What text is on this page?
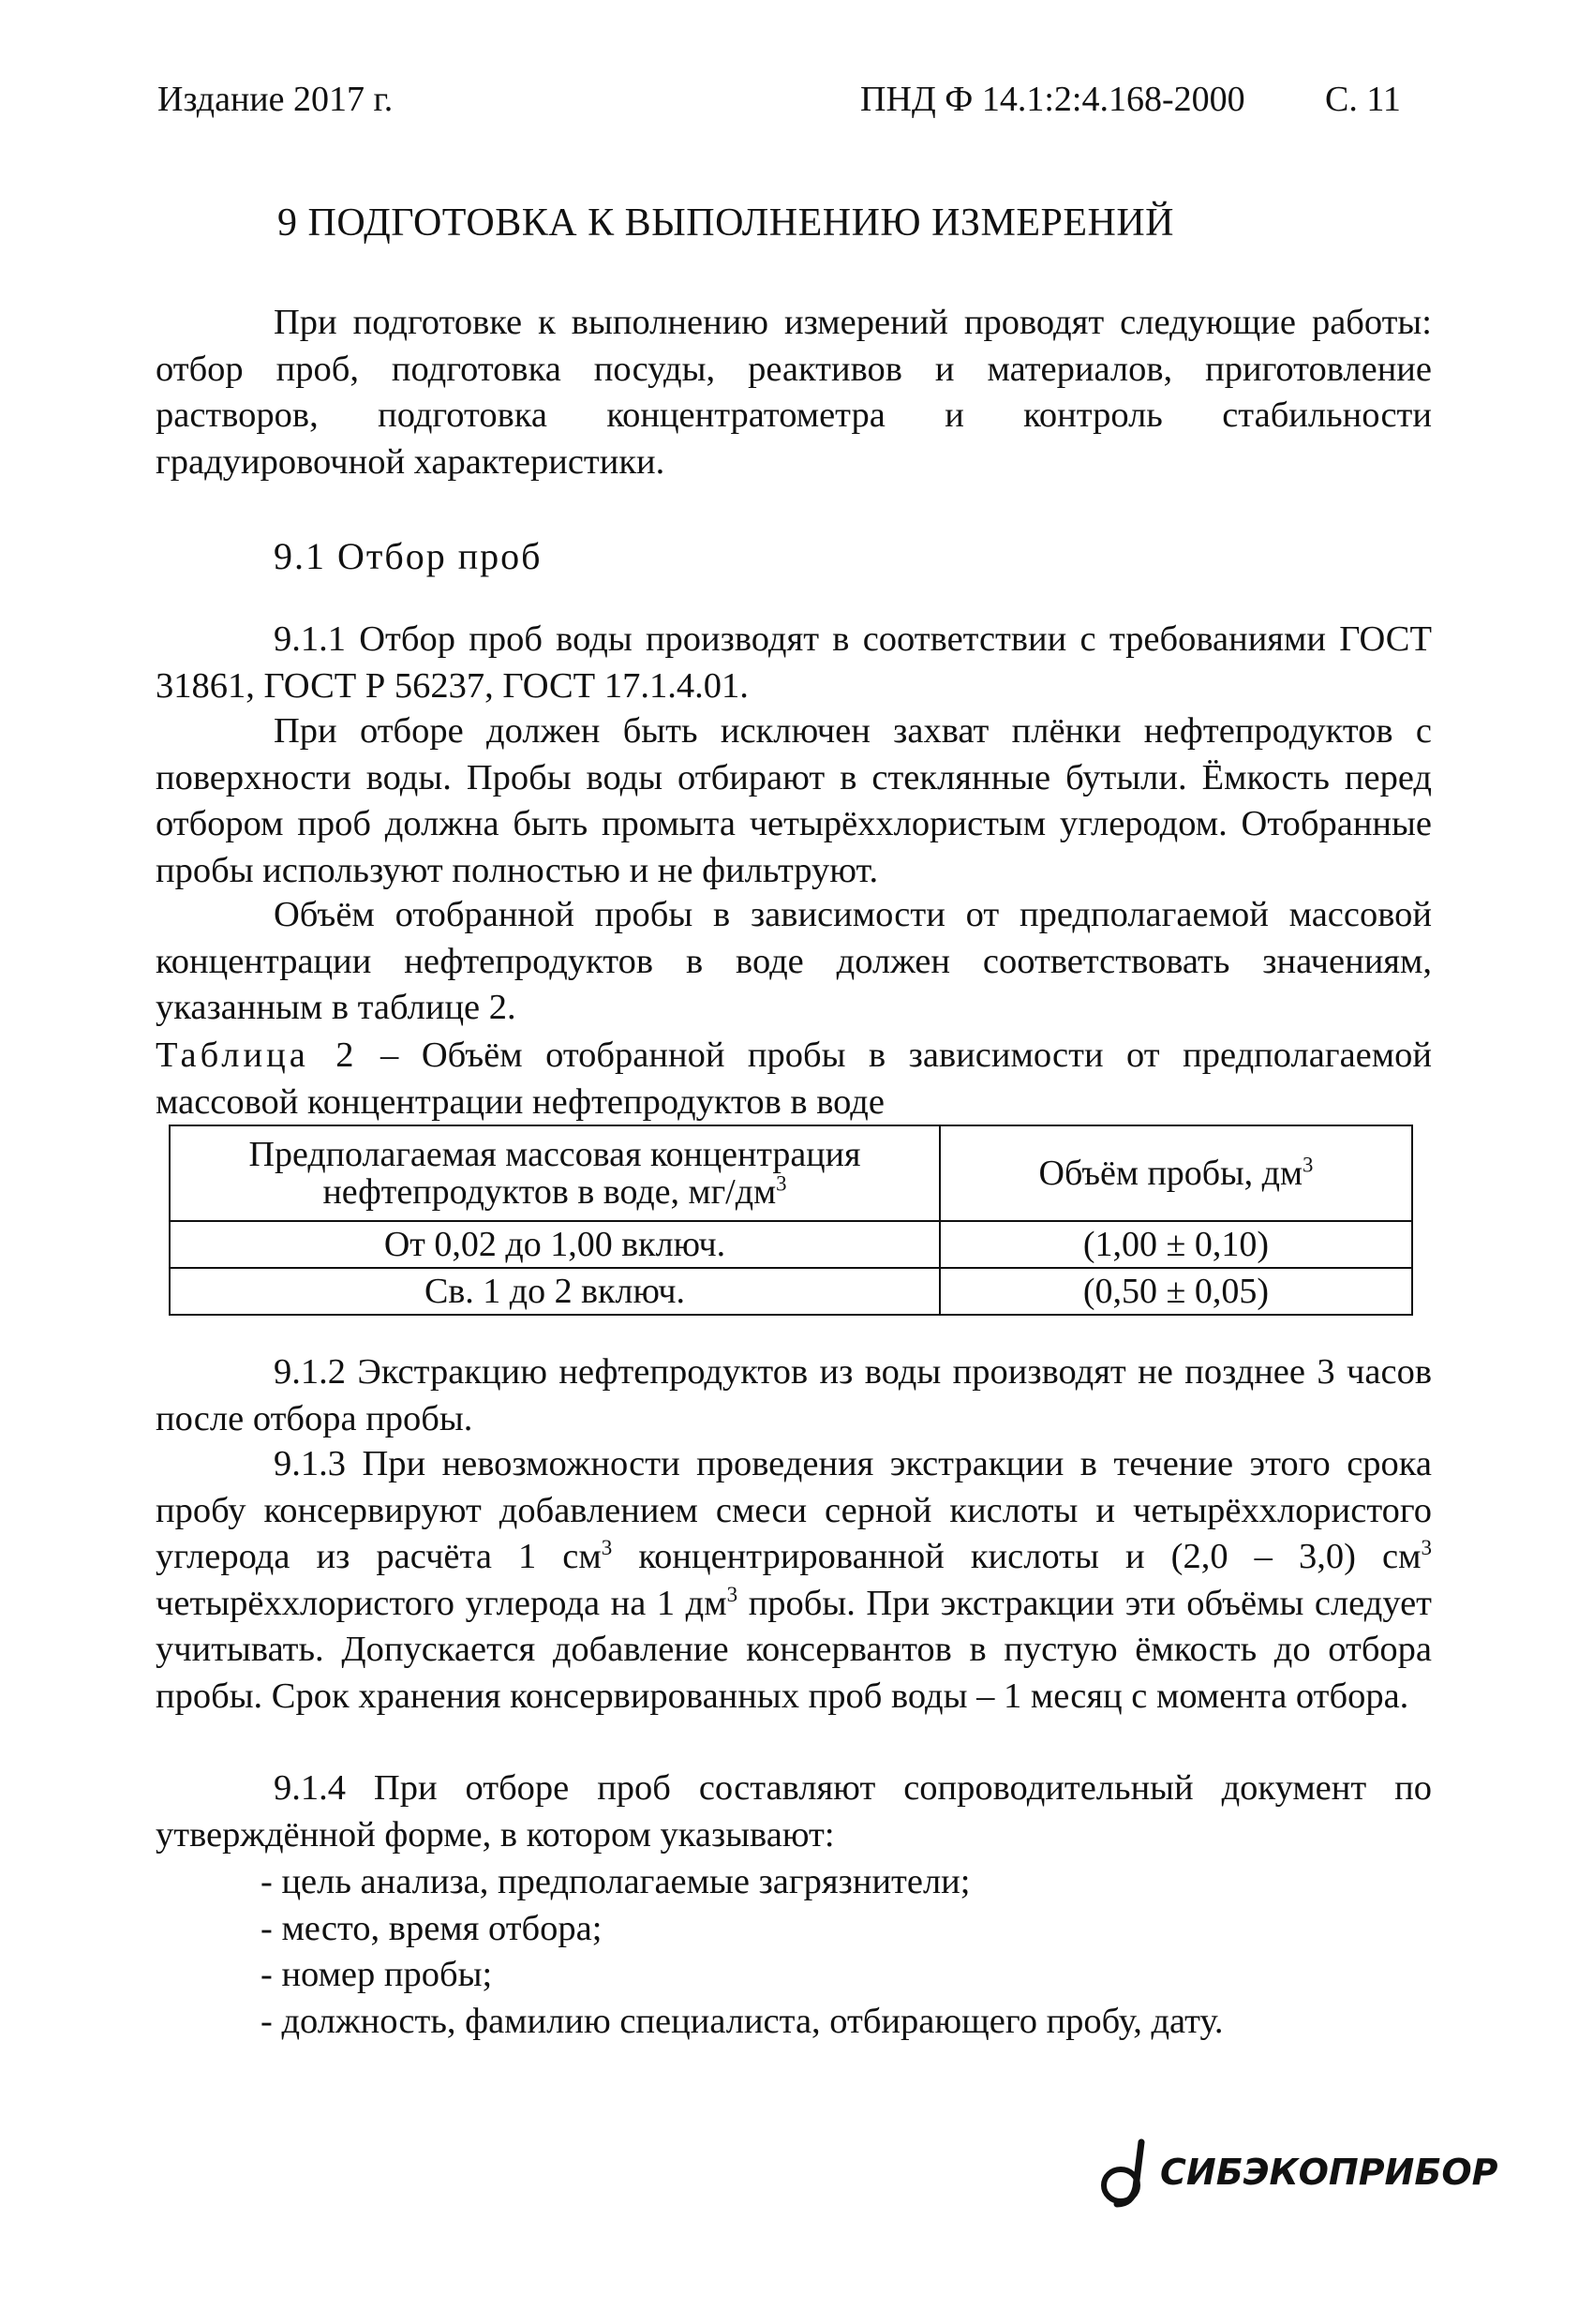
Издание 2017 г.	ПНД Ф 14.1:2:4.168-2000 С. 11
9 ПОДГОТОВКА К ВЫПОЛНЕНИЮ ИЗМЕРЕНИЙ
При подготовке к выполнению измерений проводят следующие работы: отбор проб, подготовка посуды, реактивов и материалов, приготовление растворов, подготовка концентратометра и контроль стабильности градуировочной характеристики.
9.1 Отбор проб
9.1.1 Отбор проб воды производят в соответствии с требованиями ГОСТ 31861, ГОСТ Р 56237, ГОСТ 17.1.4.01.
При отборе должен быть исключен захват плёнки нефтепродуктов с поверхности воды. Пробы воды отбирают в стеклянные бутыли. Ёмкость перед отбором проб должна быть промыта четырёххлористым углеродом. Отобранные пробы используют полностью и не фильтруют.
Объём отобранной пробы в зависимости от предполагаемой массовой концентрации нефтепродуктов в воде должен соответствовать значениям, указанным в таблице 2.
Таблица 2 – Объём отобранной пробы в зависимости от предполагаемой массовой концентрации нефтепродуктов в воде
Предполагаемая массовая концентрация
нефтепродуктов в воде, $мг/дм^3$	Объём пробы, $дм^3$
От 0,02 до 1,00 включ.	(1,00 ± 0,10)
Св. 1 до 2 включ.	(0,50 ± 0,05)
9.1.2 Экстракцию нефтепродуктов из воды производят не позднее 3 часов после отбора пробы.
9.1.3 При невозможности проведения экстракции в течение этого срока пробу консервируют добавлением смеси серной кислоты и четырёххлористого углерода из расчёта 1 $см^3$ концентрированной кислоты и (2,0 – 3,0) $см^3$ четырёххлористого углерода на 1 $дм^3$ пробы. При экстракции эти объёмы следует учитывать. Допускается добавление консервантов в пустую ёмкость до отбора пробы. Срок хранения консервированных проб воды – 1 месяц с момента отбора.
9.1.4 При отборе проб составляют сопроводительный документ по утверждённой форме, в котором указывают:
- цель анализа, предполагаемые загрязнители;
- место, время отбора;
- номер пробы;
- должность, фамилию специалиста, отбирающего пробу, дату.
СИБЭКОПРИБОР
